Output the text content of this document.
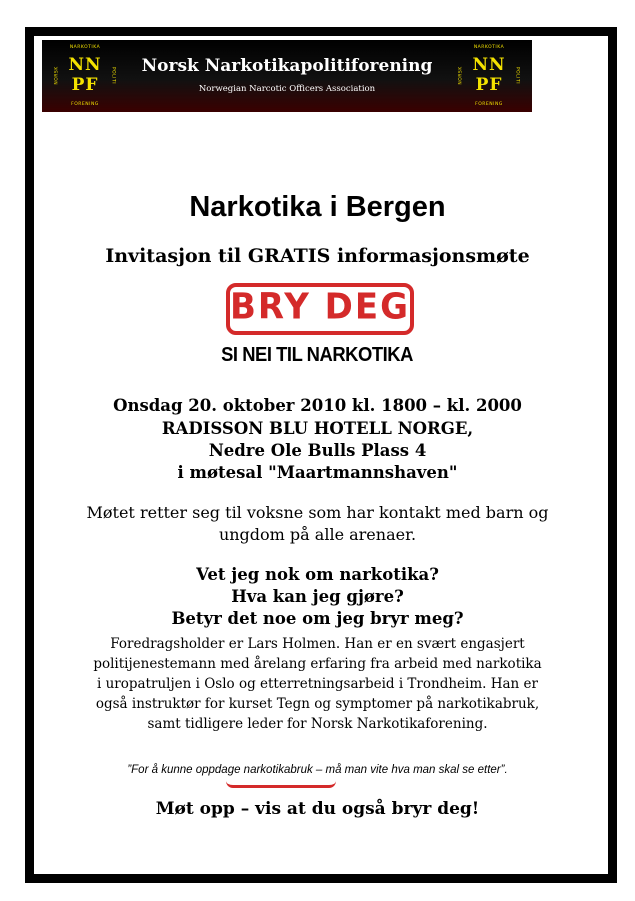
NARKOTIKA
NORSK	POLITI
FORENING
NN
PF
Norsk Narkotikapolitiforening
Norwegian Narcotic Officers Association
NARKOTIKA
NORSK	POLITI
FORENING
NN
PF
Narkotika i Bergen
Invitasjon til GRATIS informasjonsmøte
BRY DEG
SI NEI TIL NARKOTIKA
Onsdag 20. oktober 2010 kl. 1800 – kl. 2000
RADISSON BLU HOTELL NORGE,
Nedre Ole Bulls Plass 4
i møtesal "Maartmannshaven"
Møtet retter seg til voksne som har kontakt med barn og
ungdom på alle arenaer.
Vet jeg nok om narkotika?
Hva kan jeg gjøre?
Betyr det noe om jeg bryr meg?
Foredragsholder er Lars Holmen. Han er en svært engasjert
politijenestemann med årelang erfaring fra arbeid med narkotika
i uropatruljen i Oslo og etterretningsarbeid i Trondheim. Han er
også instruktør for kurset Tegn og symptomer på narkotikabruk,
samt tidligere leder for Norsk Narkotikaforening.
”For å kunne oppdage narkotikabruk – må man vite hva man skal se etter”.
Møt opp – vis at du også bryr deg!
